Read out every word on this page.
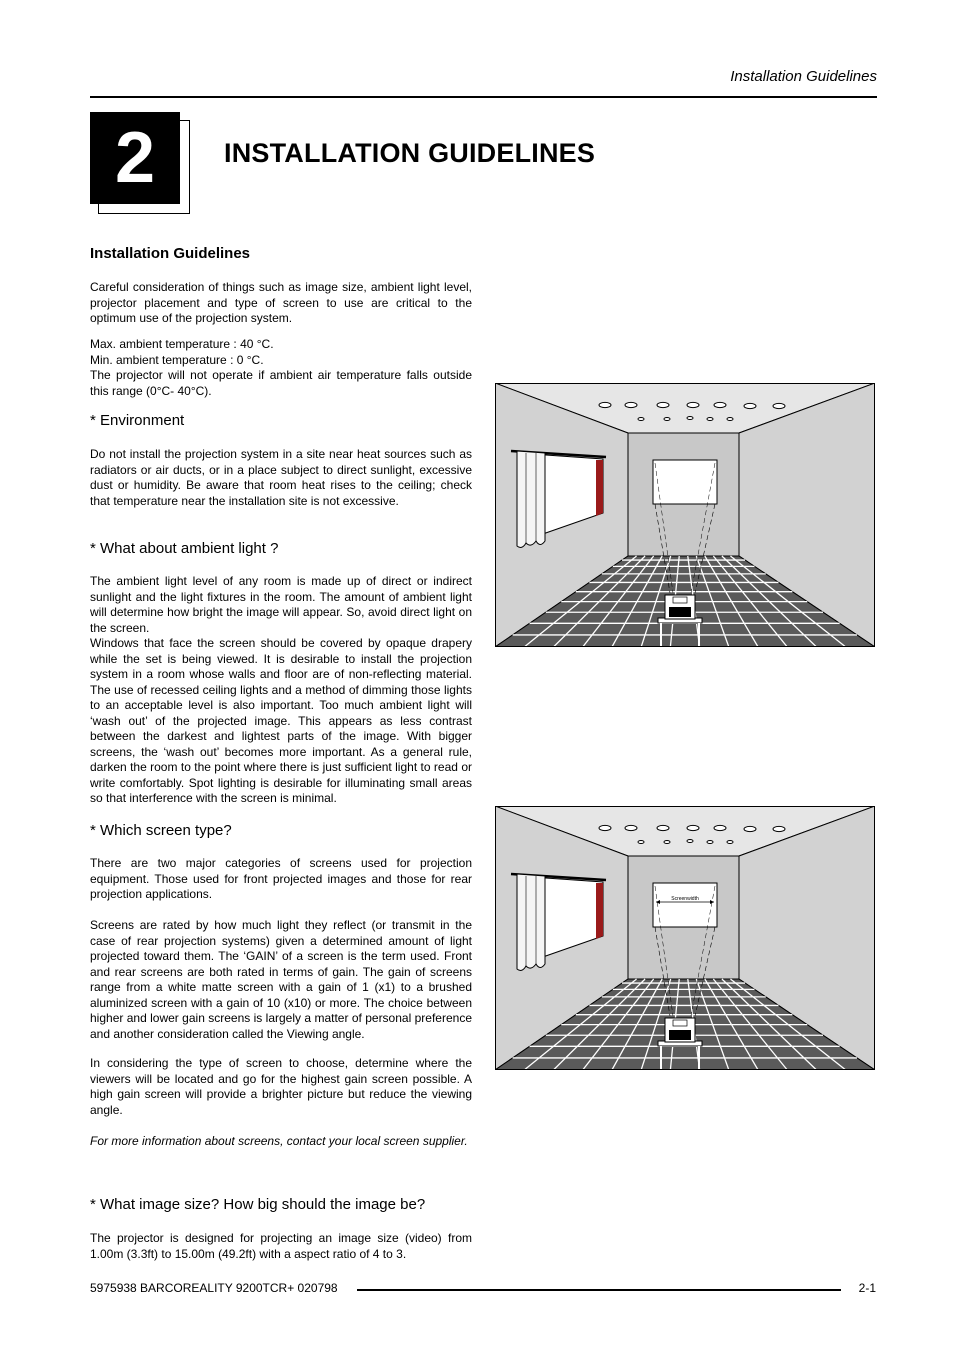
Installation Guidelines
2	INSTALLATION GUIDELINES
Installation Guidelines
Careful consideration of things such as image size, ambient light level, projector placement and type of screen to use are critical to the optimum use of the projection system.
Max. ambient temperature : 40 °C.
Min. ambient temperature : 0 °C.
The projector will not operate if ambient air temperature falls outside this range (0°C- 40°C).
* Environment
Do not install the projection system in a site near heat sources such as radiators or air ducts, or in a place subject to direct sunlight, excessive dust or humidity. Be aware that room heat rises to the ceiling; check that temperature near the installation site is not excessive.
* What about ambient light ?
The ambient light level of any room is made up of direct or indirect sunlight and the light fixtures in the room. The amount of ambient light will determine how bright the image will appear. So, avoid direct light on the screen.
Windows that face the screen should be covered by opaque drapery while the set is being viewed. It is desirable to install the projection system in a room whose walls and floor are of non-reflecting material. The use of recessed ceiling lights and a method of dimming those lights to an acceptable level is also important. Too much ambient light will ‘wash out’ of the projected image. This appears as less contrast between the darkest and lightest parts of the image. With bigger screens, the ‘wash out’ becomes more important. As a general rule, darken the room to the point where there is just sufficient light to read or write comfortably. Spot lighting is desirable for illuminating small areas so that interference with the screen is minimal.
* Which screen type?
There are two major categories of screens used for projection equipment. Those used for front projected images and those for rear projection applications.
Screens are rated by how much light they reflect (or transmit in the case of rear projection systems) given a determined amount of light projected toward them. The ‘GAIN’ of a screen is the term used. Front and rear screens are both rated in terms of gain. The gain of screens range from a white matte screen with a gain of 1 (x1) to a brushed aluminized screen with a gain of 10 (x10) or more. The choice between higher and lower gain screens is largely a matter of personal preference and another consideration called the Viewing angle.
In considering the type of screen to choose, determine where the viewers will be located and go for the highest gain screen possible. A high gain screen will provide a brighter picture but reduce the viewing angle.
For more information about screens, contact your local screen supplier.
* What image size? How big should the image be?
The projector is designed for projecting an image size (video) from 1.00m (3.3ft) to 15.00m (49.2ft) with a aspect ratio of 4 to 3.
Screenwidth
5975938 BARCOREALITY 9200TCR+ 020798	2-1
